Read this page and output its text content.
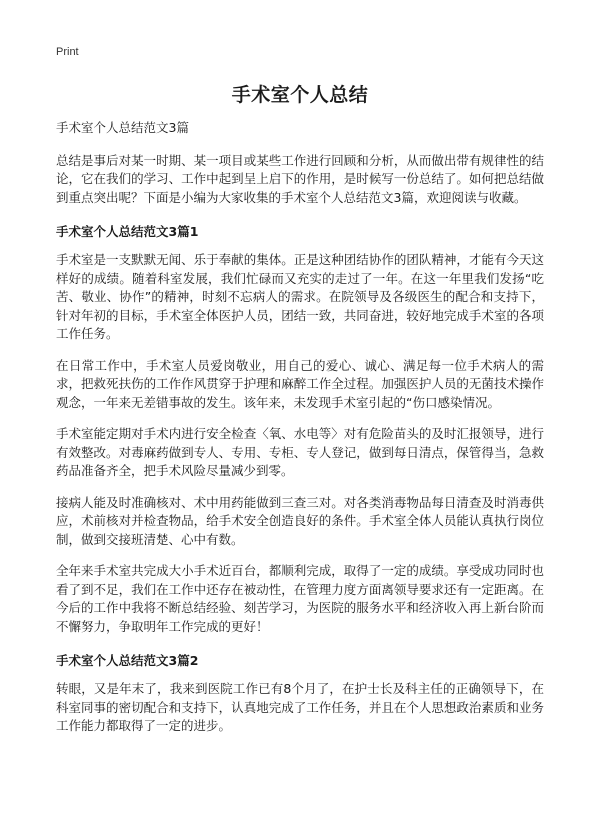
Print
手术室个人总结

手术室个人总结范文3篇

总结是事后对某一时期、某一项目或某些工作进行回顾和分析，从而做出带有规律性的结论，它在我们的学习、工作中起到呈上启下的作用，是时候写一份总结了。如何把总结做到重点突出呢？下面是小编为大家收集的手术室个人总结范文3篇，欢迎阅读与收藏。

手术室个人总结范文3篇1

手术室是一支默默无闻、乐于奉献的集体。正是这种团结协作的团队精神，才能有今天这样好的成绩。随着科室发展，我们忙碌而又充实的走过了一年。在这一年里我们发扬“吃苦、敬业、协作”的精神，时刻不忘病人的需求。在院领导及各级医生的配合和支持下，针对年初的目标，手术室全体医护人员，团结一致，共同奋进，较好地完成手术室的各项工作任务。

在日常工作中，手术室人员爱岗敬业，用自己的爱心、诚心、满足每一位手术病人的需求，把救死扶伤的工作作风贯穿于护理和麻醉工作全过程。加强医护人员的无菌技术操作观念，一年来无差错事故的发生。该年来，未发现手术室引起的“伤口感染情况。

手术室能定期对手术内进行安全检查〈氧、水电等〉对有危险苗头的及时汇报领导，进行有效整改。对毒麻药做到专人、专用、专柜、专人登记，做到每日清点，保管得当，急救药品准备齐全，把手术风险尽量减少到零。

接病人能及时准确核对、术中用药能做到三查三对。对各类消毒物品每日清查及时消毒供应，术前核对并检查物品，给手术安全创造良好的条件。手术室全体人员能认真执行岗位制，做到交接班清楚、心中有数。

全年来手术室共完成大小手术近百台，都顺利完成，取得了一定的成绩。享受成功同时也看了到不足，我们在工作中还存在被动性，在管理力度方面离领导要求还有一定距离。在今后的工作中我将不断总结经验、刻苦学习，为医院的服务水平和经济收入再上新台阶而不懈努力，争取明年工作完成的更好！

手术室个人总结范文3篇2

转眼，又是年末了，我来到医院工作已有8个月了，在护士长及科主任的正确领导下，在科室同事的密切配合和支持下，认真地完成了工作任务，并且在个人思想政治素质和业务工作能力都取得了一定的进步。
